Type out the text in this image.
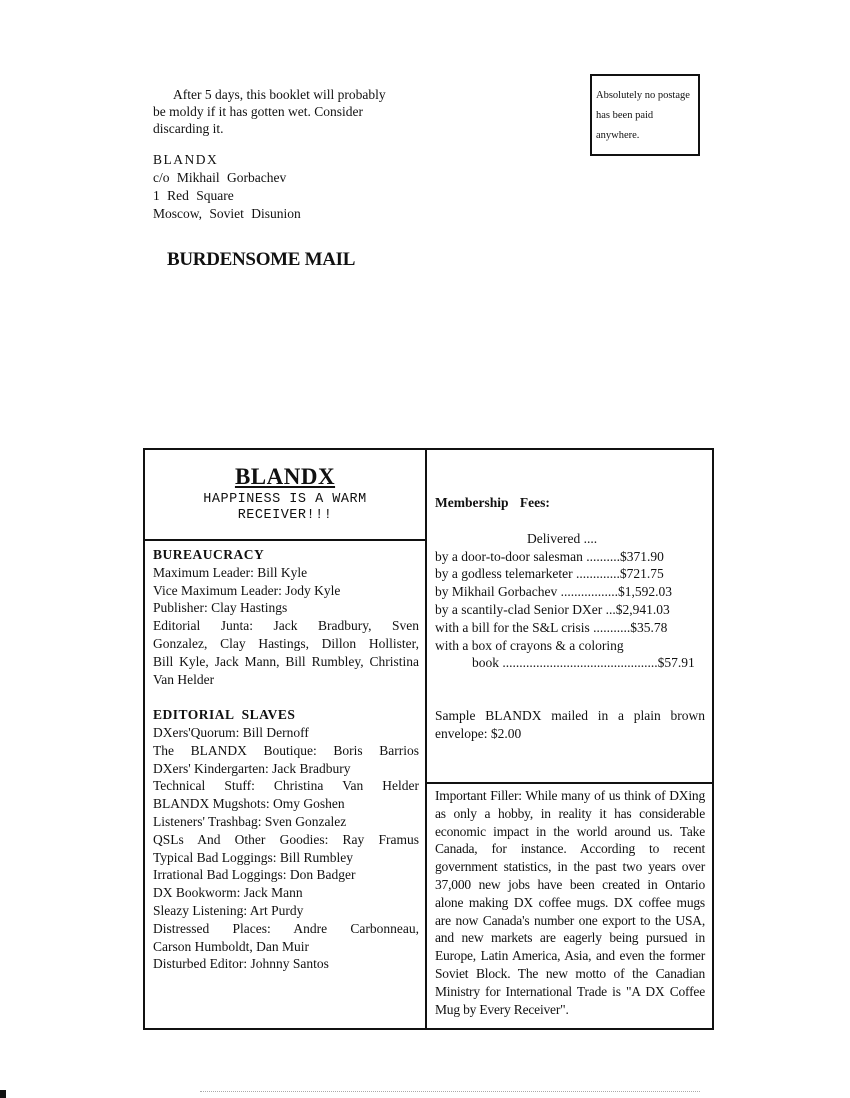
After 5 days, this booklet will probably
be moldy if it has gotten wet. Consider
discarding it.
Absolutely no postage
has been paid
anywhere.
BLANDX
c/o Mikhail Gorbachev
1 Red Square
Moscow, Soviet Disunion
BURDENSOME MAIL
BLANDX
HAPPINESS IS A WARM
RECEIVER!!!
BUREAUCRACY
Maximum Leader: Bill Kyle
Vice Maximum Leader: Jody Kyle
Publisher: Clay Hastings
Editorial Junta: Jack Bradbury, Sven
Gonzalez, Clay Hastings, Dillon Hollister,
Bill Kyle, Jack Mann, Bill Rumbley, Christina
Van Helder
EDITORIAL SLAVES
DXers'Quorum: Bill Dernoff
The BLANDX Boutique: Boris Barrios
DXers' Kindergarten: Jack Bradbury
Technical Stuff: Christina Van Helder
BLANDX Mugshots: Omy Goshen
Listeners' Trashbag: Sven Gonzalez
QSLs And Other Goodies: Ray Framus
Typical Bad Loggings: Bill Rumbley
Irrational Bad Loggings: Don Badger
DX Bookworm: Jack Mann
Sleazy Listening: Art Purdy
Distressed Places: Andre Carbonneau,
Carson Humboldt, Dan Muir
Disturbed Editor: Johnny Santos
Membership Fees:
Delivered ....
by a door-to-door salesman ..........$371.90
by a godless telemarketer .............$721.75
by Mikhail Gorbachev .................$1,592.03
by a scantily-clad Senior DXer ...$2,941.03
with a bill for the S&L crisis ...........$35.78
with a box of crayons & a coloring
book ..............................................$57.91
Sample BLANDX mailed in a plain brown envelope: $2.00
Important Filler: While many of us think of DXing as only a hobby, in reality it has considerable economic impact in the world around us. Take Canada, for instance. According to recent government statistics, in the past two years over 37,000 new jobs have been created in Ontario alone making DX coffee mugs. DX coffee mugs are now Canada's number one export to the USA, and new markets are eagerly being pursued in Europe, Latin America, Asia, and even the former Soviet Block. The new motto of the Canadian Ministry for International Trade is "A DX Coffee Mug by Every Receiver".
